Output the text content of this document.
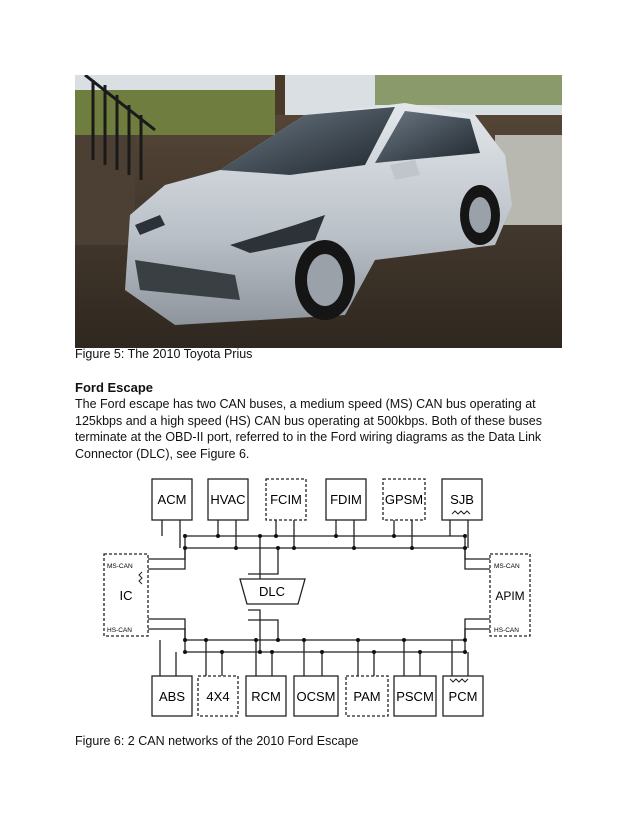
Figure 5: The 2010 Toyota Prius

Ford Escape

The Ford escape has two CAN buses, a medium speed (MS) CAN bus operating at 125kbps and a high speed (HS) CAN bus operating at 500kbps. Both of these buses terminate at the OBD-II port, referred to in the Ford wiring diagrams as the Data Link Connector (DLC), see Figure 6.

ACM HVAC FCIM FDIM GPSM SJB
ABS 4X4 RCM OCSM PAM PSCM PCM
DLC
MS-CAN
IC
HS-CAN
MS-CAN
APIM
HS-CAN

Figure 6: 2 CAN networks of the 2010 Ford Escape
